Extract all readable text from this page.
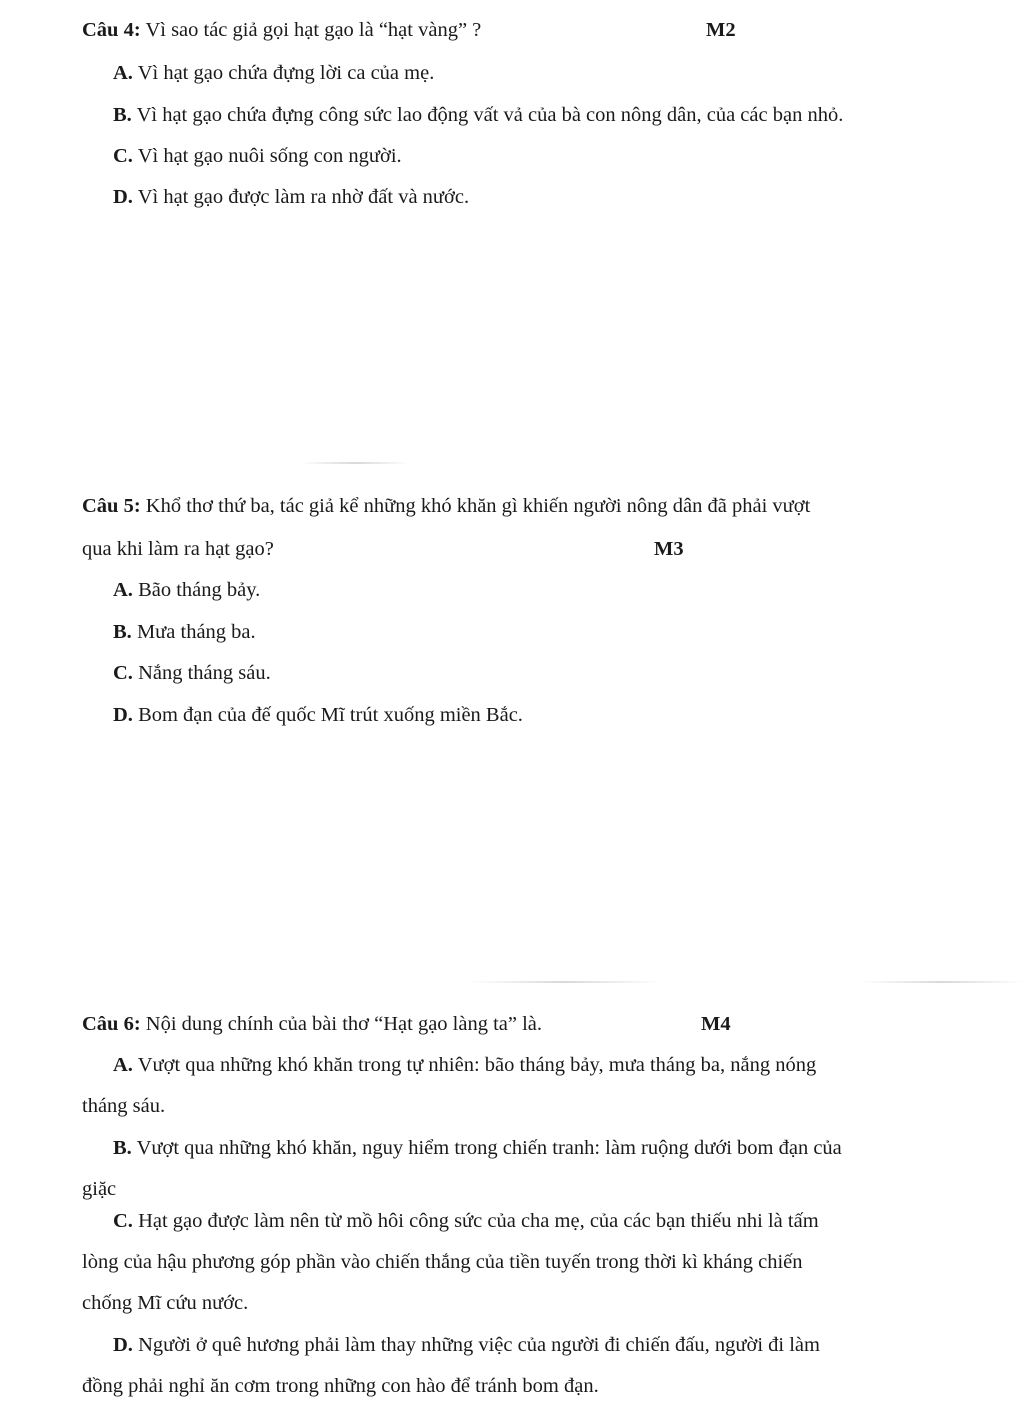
Câu 4: Vì sao tác giả gọi hạt gạo là “hạt vàng” ?	M2
A. Vì hạt gạo chứa đựng lời ca của mẹ.
B. Vì hạt gạo chứa đựng công sức lao động vất vả của bà con nông dân, của các bạn nhỏ.
C. Vì hạt gạo nuôi sống con người.
D. Vì hạt gạo được làm ra nhờ đất và nước.
Câu 5: Khổ thơ thứ ba, tác giả kể những khó khăn gì khiến người nông dân đã phải vượt
qua khi làm ra hạt gạo?	M3
A. Bão tháng bảy.
B. Mưa tháng ba.
C. Nắng tháng sáu.
D. Bom đạn của đế quốc Mĩ trút xuống miền Bắc.
Câu 6: Nội dung chính của bài thơ “Hạt gạo làng ta” là.	M4
A. Vượt qua những khó khăn trong tự nhiên: bão tháng bảy, mưa tháng ba, nắng nóng
tháng sáu.
B. Vượt qua những khó khăn, nguy hiểm trong chiến tranh: làm ruộng dưới bom đạn của
giặc
C. Hạt gạo được làm nên từ mồ hôi công sức của cha mẹ, của các bạn thiếu nhi là tấm
lòng của hậu phương góp phần vào chiến thắng của tiền tuyến trong thời kì kháng chiến
chống Mĩ cứu nước.
D. Người ở quê hương phải làm thay những việc của người đi chiến đấu, người đi làm
đồng phải nghỉ ăn cơm trong những con hào để tránh bom đạn.
